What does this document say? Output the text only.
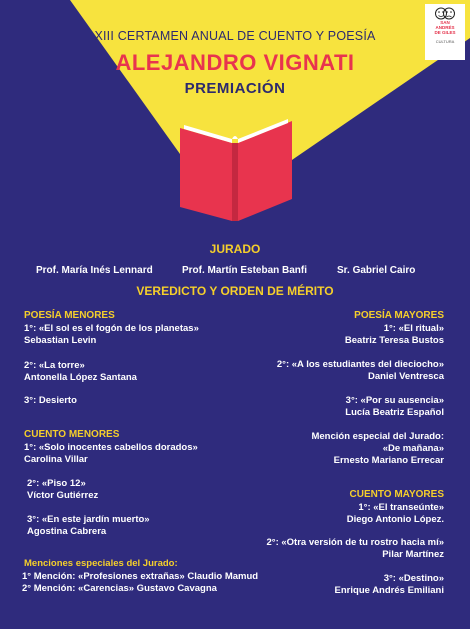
SAN
ANDRÉS
DE GILES
CULTURA
XIII CERTAMEN ANUAL DE CUENTO Y POESÍA
ALEJANDRO VIGNATI
PREMIACIÓN
JURADO
Prof. María Inés Lennard	Prof. Martín Esteban Banfi	Sr. Gabriel Cairo
VEREDICTO Y ORDEN DE MÉRITO
POESÍA MENORES
1°: «El sol es el fogón de los planetas»
Sebastian Levin
2°: «La torre»
Antonella López Santana
3°: Desierto
CUENTO MENORES
1°: «Solo inocentes cabellos dorados»
Carolina Villar
2°: «Piso 12»
Víctor Gutiérrez
3°: «En este jardín muerto»
Agostina Cabrera
Menciones especiales del Jurado:
1° Mención: «Profesiones extrañas» Claudio Mamud
2° Mención: «Carencias» Gustavo Cavagna
POESÍA MAYORES
1°: «El ritual»
Beatriz Teresa Bustos
2°: «A los estudiantes del dieciocho»
Daniel Ventresca
3°: «Por su ausencia»
Lucía Beatriz Español
Mención especial del Jurado:
«De mañana»
Ernesto Mariano Errecar
CUENTO MAYORES
1°: «El transeúnte»
Diego Antonio López.
2°: «Otra versión de tu rostro hacia mí»
Pilar Martínez
3°: «Destino»
Enrique Andrés Emiliani
